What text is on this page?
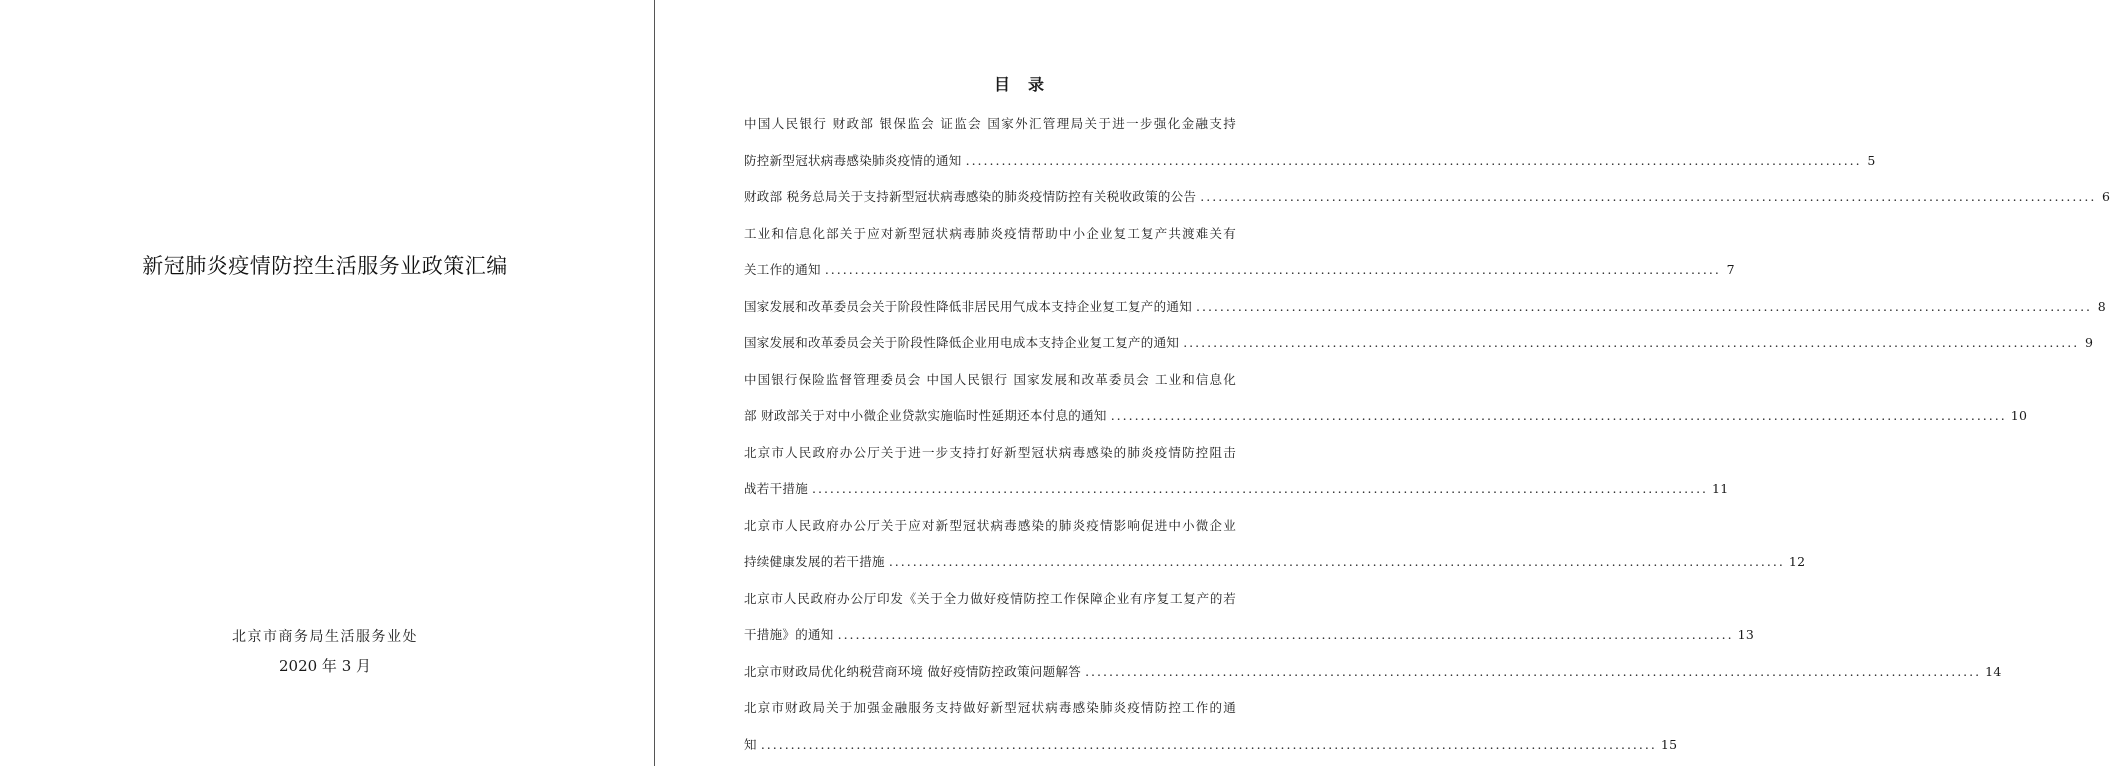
新冠肺炎疫情防控生活服务业政策汇编
北京市商务局生活服务业处
2020 年 3 月
目录
中国人民银行 财政部 银保监会 证监会 国家外汇管理局关于进一步强化金融支持
防控新型冠状病毒感染肺炎疫情的通知 .....	5
财政部 税务总局关于支持新型冠状病毒感染的肺炎疫情防控有关税收政策的公告 .....	6
工业和信息化部关于应对新型冠状病毒肺炎疫情帮助中小企业复工复产共渡难关有
关工作的通知 .....	7
国家发展和改革委员会关于阶段性降低非居民用气成本支持企业复工复产的通知 .....	8
国家发展和改革委员会关于阶段性降低企业用电成本支持企业复工复产的通知 .....	9
中国银行保险监督管理委员会 中国人民银行 国家发展和改革委员会 工业和信息化
部 财政部关于对中小微企业贷款实施临时性延期还本付息的通知 .....	10
北京市人民政府办公厅关于进一步支持打好新型冠状病毒感染的肺炎疫情防控阻击
战若干措施 .....	11
北京市人民政府办公厅关于应对新型冠状病毒感染的肺炎疫情影响促进中小微企业
持续健康发展的若干措施 .....	12
北京市人民政府办公厅印发《关于全力做好疫情防控工作保障企业有序复工复产的若
干措施》的通知 .....	13
北京市财政局优化纳税营商环境 做好疫情防控政策问题解答 .....	14
北京市财政局关于加强金融服务支持做好新型冠状病毒感染肺炎疫情防控工作的通
知 .....	15
